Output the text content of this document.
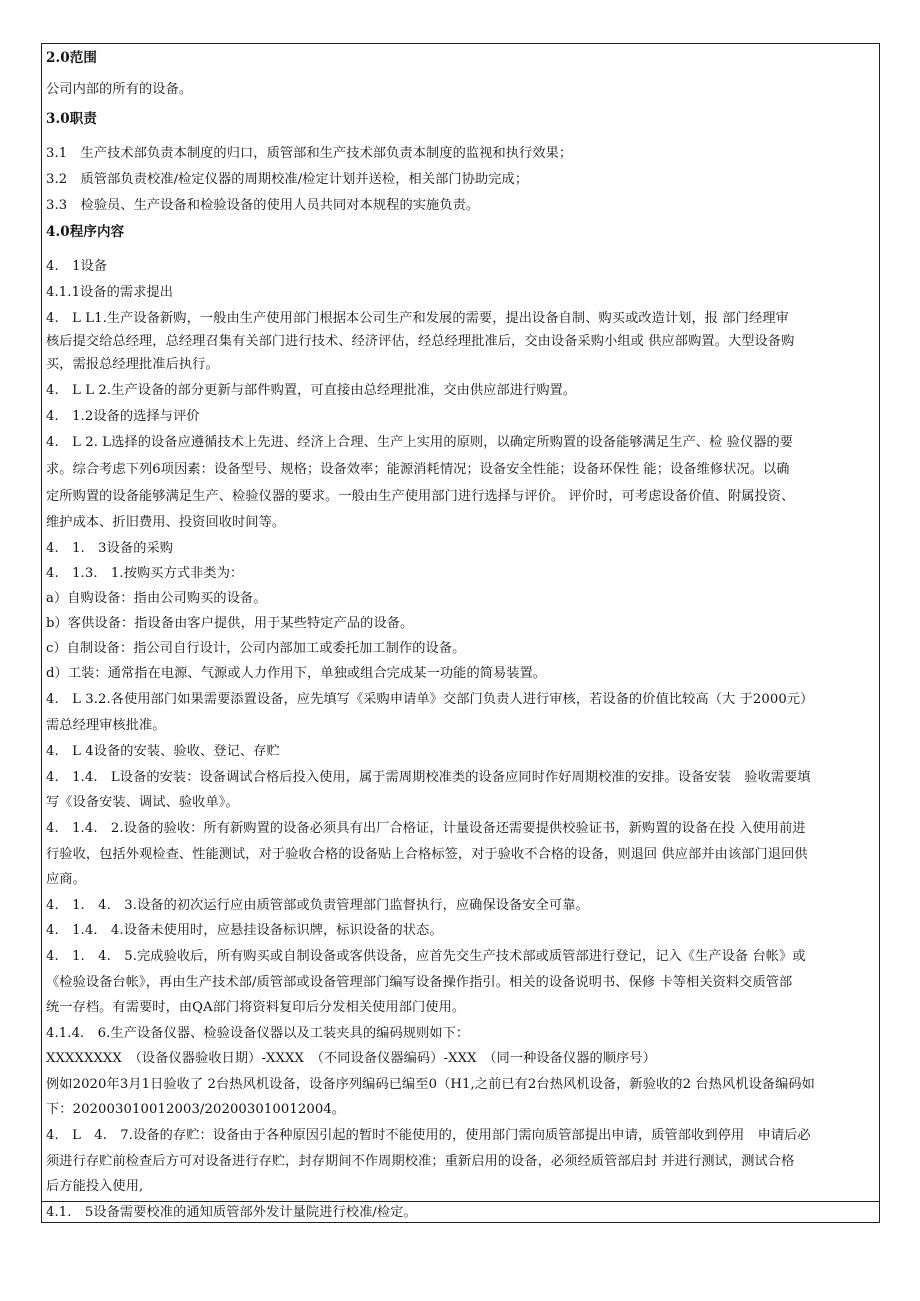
2.0范围
公司内部的所有的设备。
3.0职责
3.1　生产技术部负责本制度的归口，质管部和生产技术部负责本制度的监视和执行效果；
3.2　质管部负责校准/检定仪器的周期校准/检定计划并送检，相关部门协助完成；
3.3　检验员、生产设备和检验设备的使用人员共同对本规程的实施负责。
4.0程序内容
4.　1设备
4.1.1设备的需求提出
4.　L L1.生产设备新购，一般由生产使用部门根据本公司生产和发展的需要，提出设备自制、购买或改造计划，报 部门经理审
核后提交给总经理，总经理召集有关部门进行技术、经济评估，经总经理批准后，交由设备采购小组或 供应部购置。大型设备购
买，需报总经理批准后执行。
4.　L L 2.生产设备的部分更新与部件购置，可直接由总经理批准，交由供应部进行购置。
4.　1.2设备的选择与评价
4.　L 2. L选择的设备应遵循技术上先进、经济上合理、生产上实用的原则，以确定所购置的设备能够满足生产、检 验仪器的要
求。综合考虑下列6项因素：设备型号、规格；设备效率；能源消耗情况；设备安全性能；设备环保性 能；设备维修状况。以确
定所购置的设备能够满足生产、检验仪器的要求。一般由生产使用部门进行选择与评价。 评价时，可考虑设备价值、附属投资、
维护成本、折旧费用、投资回收时间等。
4.　1.　3设备的采购
4.　1.3.　1.按购买方式非类为：
a）自购设备：指由公司购买的设备。
b）客供设备：指设备由客户提供，用于某些特定产品的设备。
c）自制设备：指公司自行设计，公司内部加工或委托加工制作的设备。
d）工装：通常指在电源、气源或人力作用下，单独或组合完成某一功能的简易装置。
4.　L 3.2.各使用部门如果需要添置设备，应先填写《采购申请单》交部门负责人进行审核，若设备的价值比较高（大 于2000元）
需总经理审核批准。
4.　L 4设备的安装、验收、登记、存贮
4.　1.4.　L设备的安装：设备调试合格后投入使用，属于需周期校准类的设备应同时作好周期校准的安排。设备安装　验收需要填
写《设备安装、调试、验收单》。
4.　1.4.　2.设备的验收：所有新购置的设备必须具有出厂合格证，计量设备还需要提供校验证书，新购置的设备在投 入使用前进
行验收，包括外观检查、性能测试，对于验收合格的设备贴上合格标签，对于验收不合格的设备，则退回 供应部并由该部门退回供
应商。
4.　1.　4.　3.设备的初次运行应由质管部或负责管理部门监督执行，应确保设备安全可靠。
4.　1.4.　4.设备未使用时，应悬挂设备标识牌，标识设备的状态。
4.　1.　4.　5.完成验收后，所有购买或自制设备或客供设备，应首先交生产技术部或质管部进行登记，记入《生产设备 台帐》或
《检验设备台帐》，再由生产技术部/质管部或设备管理部门编写设备操作指引。相关的设备说明书、保修 卡等相关资料交质管部
统一存档。有需要时，由QA部门将资料复印后分发相关使用部门使用。
4.1.4.　6.生产设备仪器、检验设备仪器以及工装夹具的编码规则如下：
XXXXXXXX　（设备仪器验收日期）-XXXX　（不同设备仪器编码）-XXX　（同一种设备仪器的顺序号）
例如2020年3月1日验收了 2台热风机设备，设备序列编码已编至0（H1,之前已有2台热风机设备，新验收的2 台热风机设备编码如
下：202003010012003/202003010012004。
4.　L　4.　7.设备的存贮：设备由于各种原因引起的暂时不能使用的，使用部门需向质管部提出申请，质管部收到停用　申请后必
须进行存贮前检查后方可对设备进行存贮，封存期间不作周期校准；重新启用的设备，必须经质管部启封 并进行测试，测试合格
后方能投入使用,
4.1.　5设备需要校准的通知质管部外发计量院进行校准/检定。
